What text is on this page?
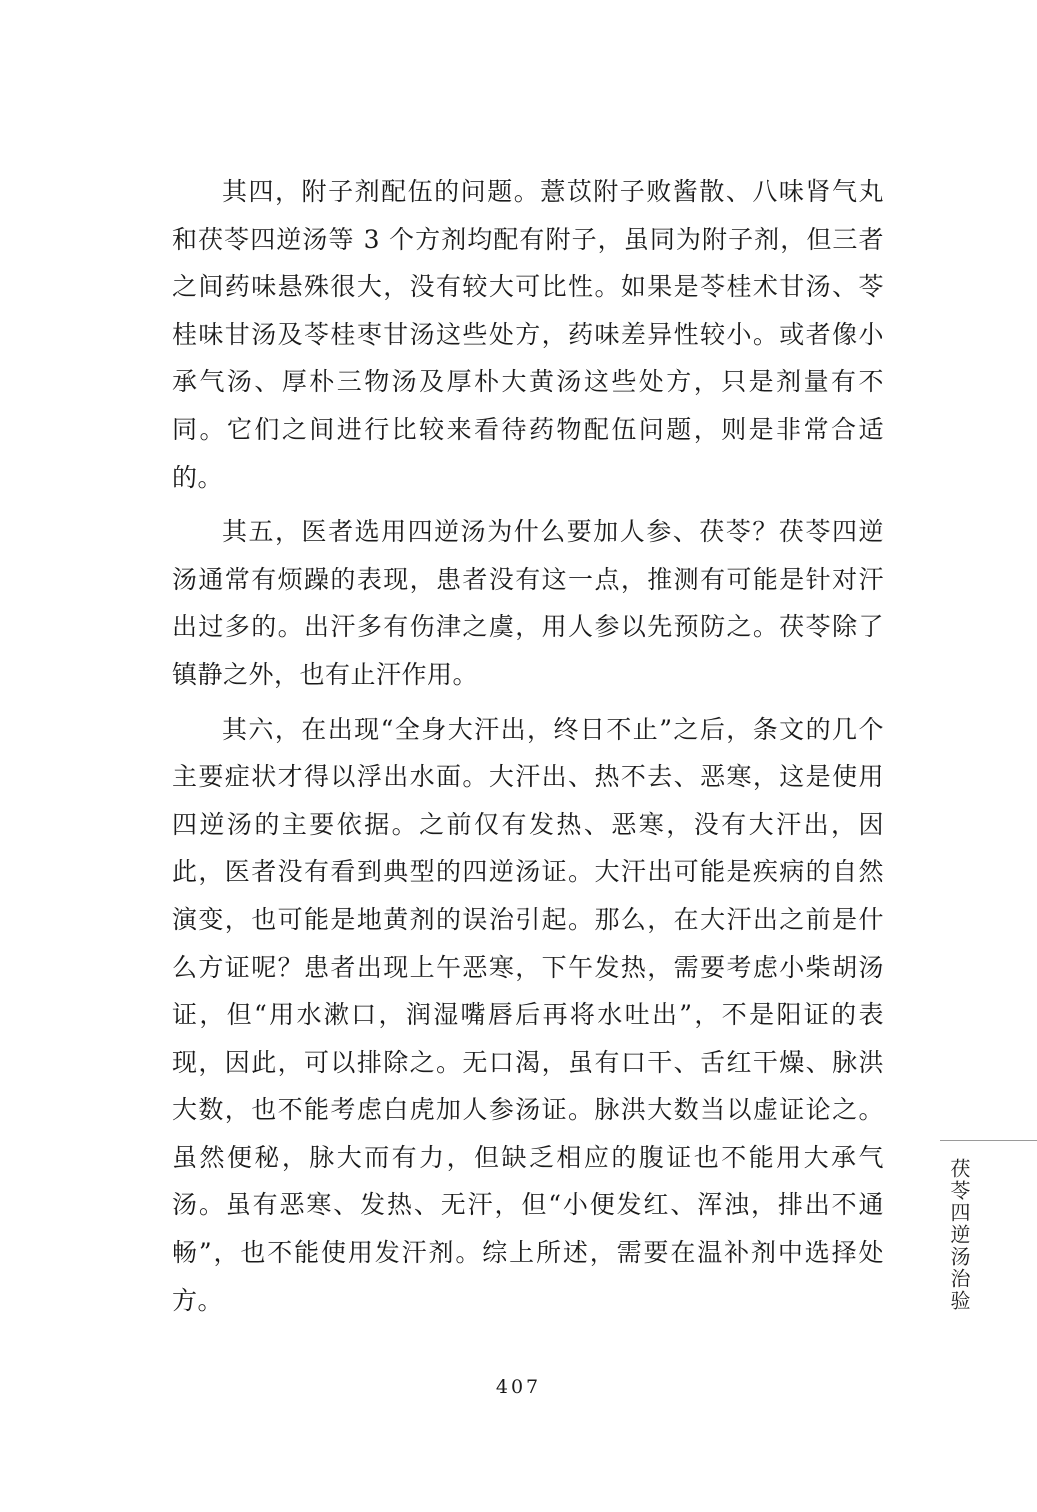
其四，附子剂配伍的问题。薏苡附子败酱散、八味肾气丸和茯苓四逆汤等 3 个方剂均配有附子，虽同为附子剂，但三者之间药味悬殊很大，没有较大可比性。如果是苓桂术甘汤、苓桂味甘汤及苓桂枣甘汤这些处方，药味差异性较小。或者像小承气汤、厚朴三物汤及厚朴大黄汤这些处方，只是剂量有不同。它们之间进行比较来看待药物配伍问题，则是非常合适的。

其五，医者选用四逆汤为什么要加人参、茯苓？茯苓四逆汤通常有烦躁的表现，患者没有这一点，推测有可能是针对汗出过多的。出汗多有伤津之虞，用人参以先预防之。茯苓除了镇静之外，也有止汗作用。

其六，在出现“全身大汗出，终日不止”之后，条文的几个主要症状才得以浮出水面。大汗出、热不去、恶寒，这是使用四逆汤的主要依据。之前仅有发热、恶寒，没有大汗出，因此，医者没有看到典型的四逆汤证。大汗出可能是疾病的自然演变，也可能是地黄剂的误治引起。那么，在大汗出之前是什么方证呢？患者出现上午恶寒，下午发热，需要考虑小柴胡汤证，但“用水漱口，润湿嘴唇后再将水吐出”，不是阳证的表现，因此，可以排除之。无口渴，虽有口干、舌红干燥、脉洪大数，也不能考虑白虎加人参汤证。脉洪大数当以虚证论之。虽然便秘，脉大而有力，但缺乏相应的腹证也不能用大承气汤。虽有恶寒、发热、无汗，但“小便发红、浑浊，排出不通畅”，也不能使用发汗剂。综上所述，需要在温补剂中选择处方。	茯苓四逆汤治验
407
